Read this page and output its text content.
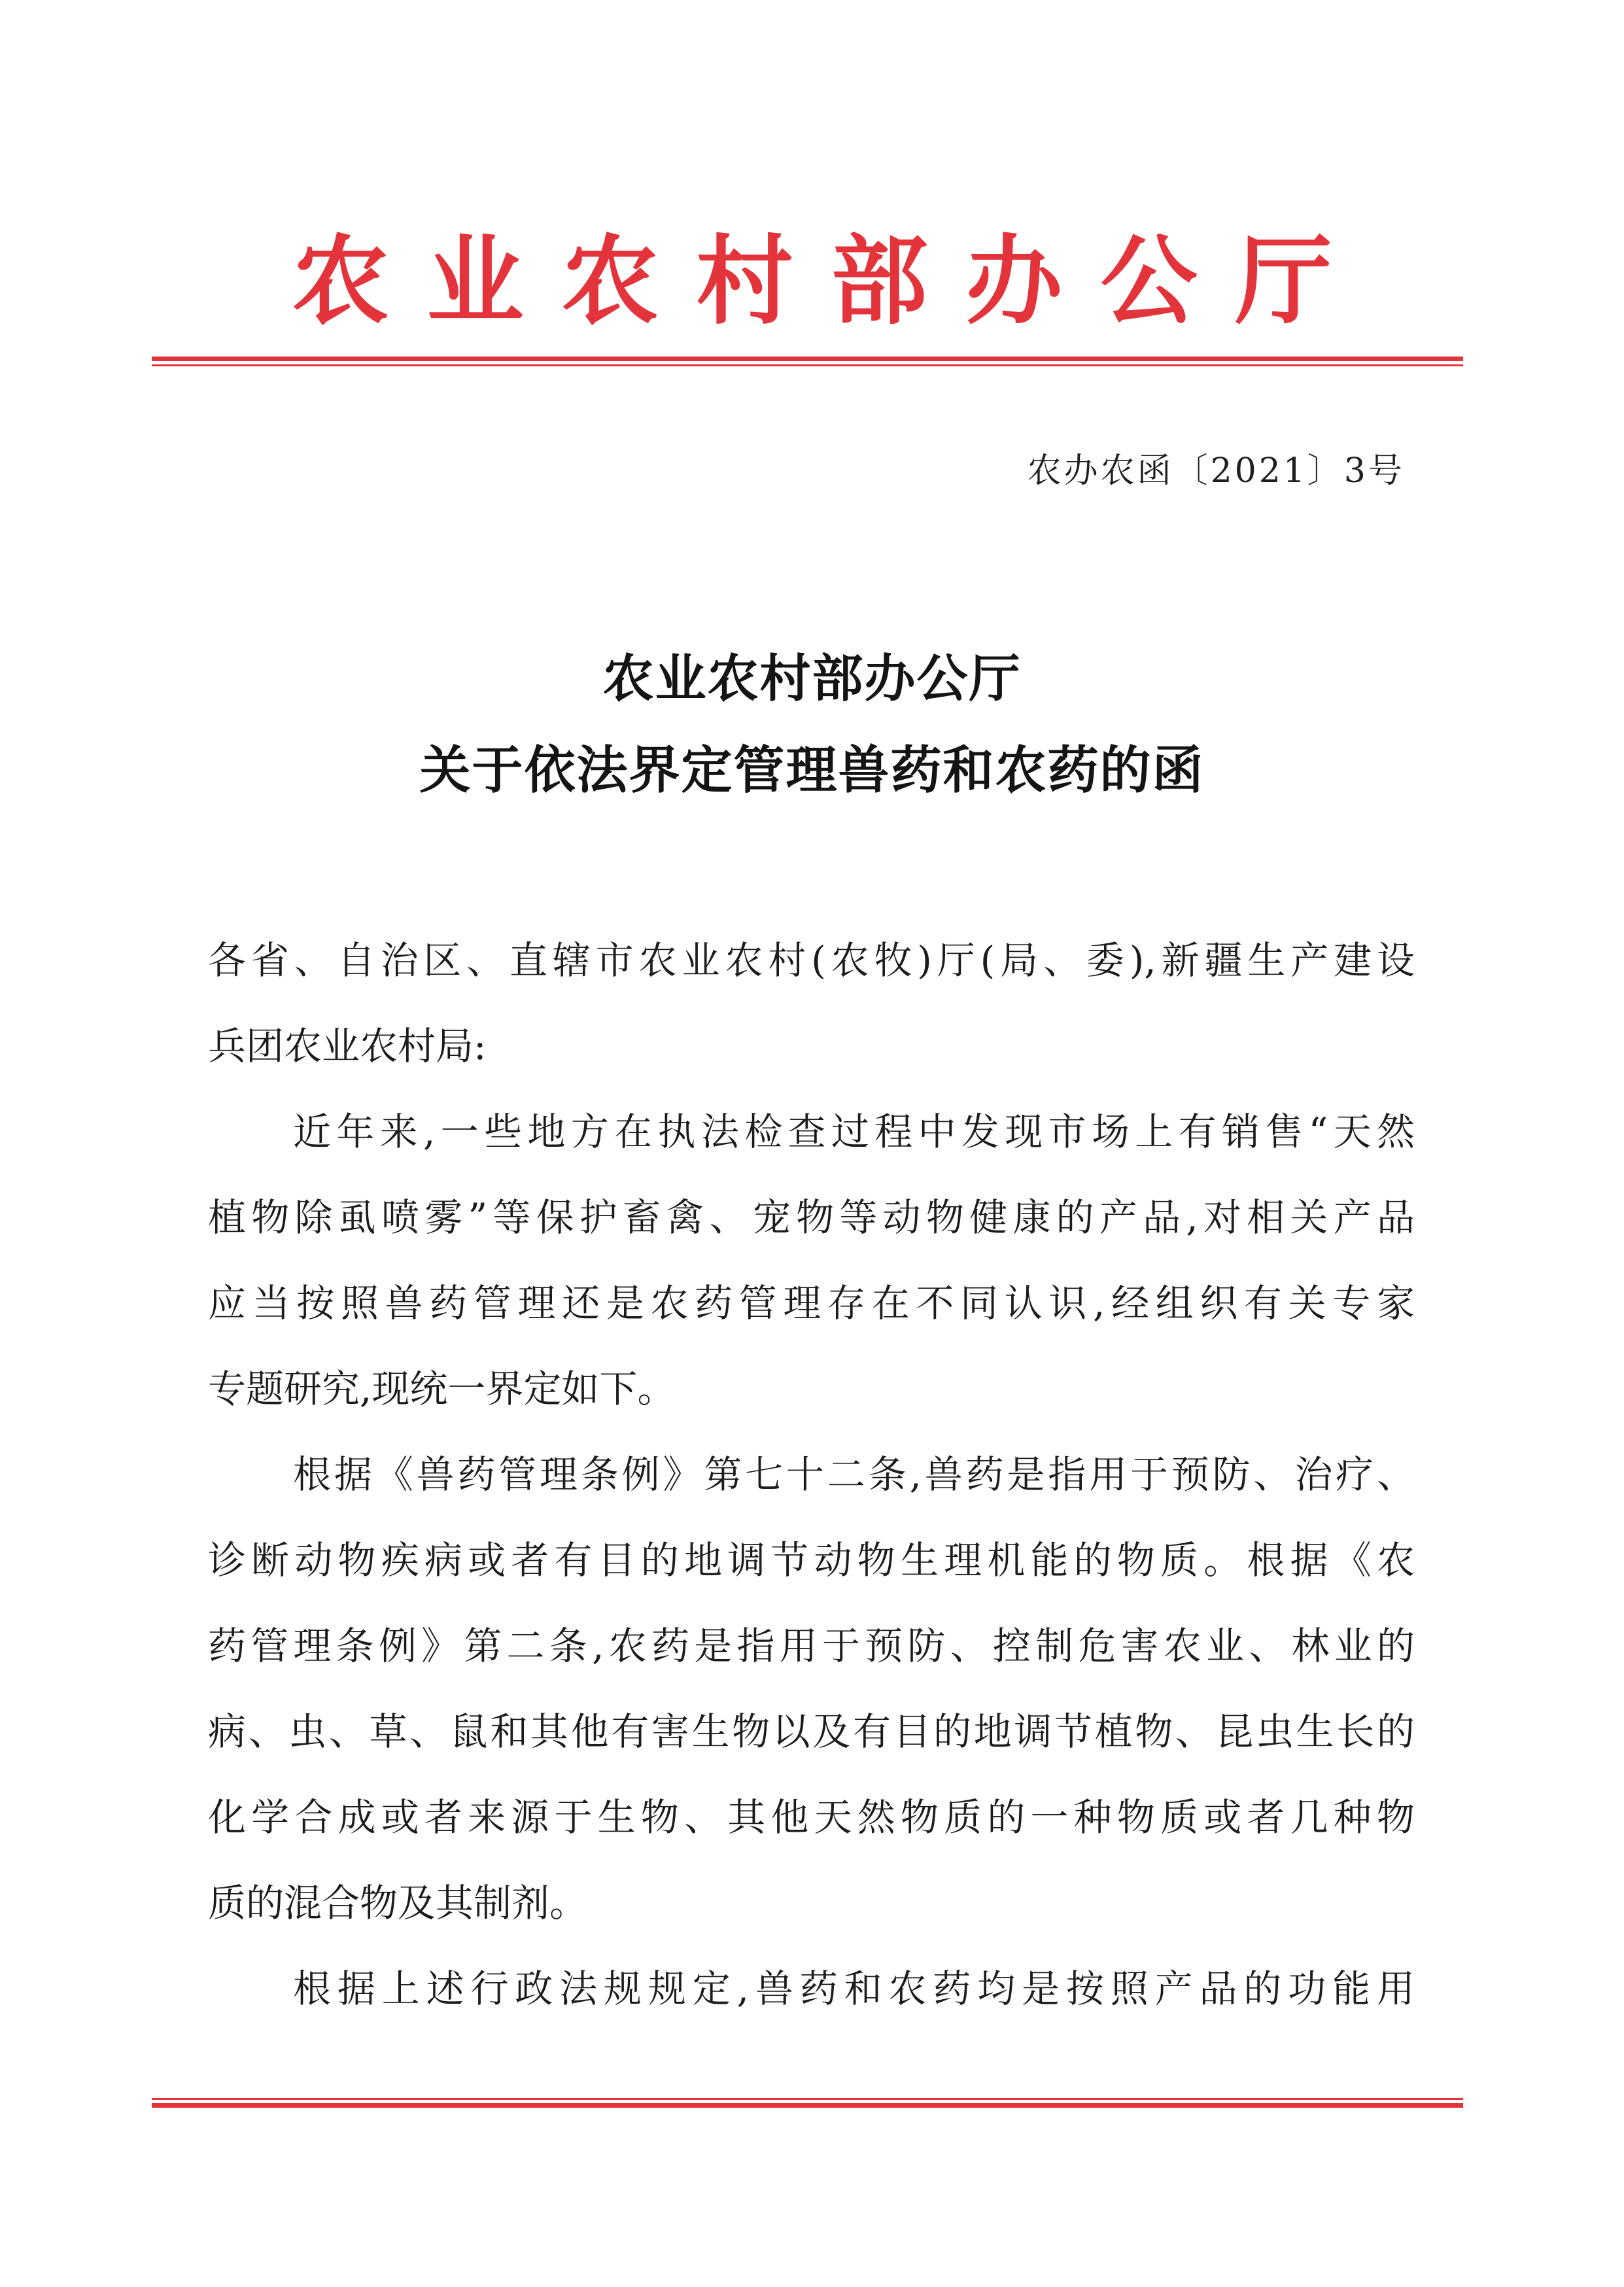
农业农村部办公厅
农办农函〔2021〕3号
农业农村部办公厅
关于依法界定管理兽药和农药的函
各省、自治区、直辖市农业农村(农牧)厅(局、委),新疆生产建设
兵团农业农村局:
近年来,一些地方在执法检查过程中发现市场上有销售“天然
植物除虱喷雾”等保护畜禽、宠物等动物健康的产品,对相关产品
应当按照兽药管理还是农药管理存在不同认识,经组织有关专家
专题研究,现统一界定如下。
根据《兽药管理条例》第七十二条,兽药是指用于预防、治疗、
诊断动物疾病或者有目的地调节动物生理机能的物质。根据《农
药管理条例》第二条,农药是指用于预防、控制危害农业、林业的
病、虫、草、鼠和其他有害生物以及有目的地调节植物、昆虫生长的
化学合成或者来源于生物、其他天然物质的一种物质或者几种物
质的混合物及其制剂。
根据上述行政法规规定,兽药和农药均是按照产品的功能用
